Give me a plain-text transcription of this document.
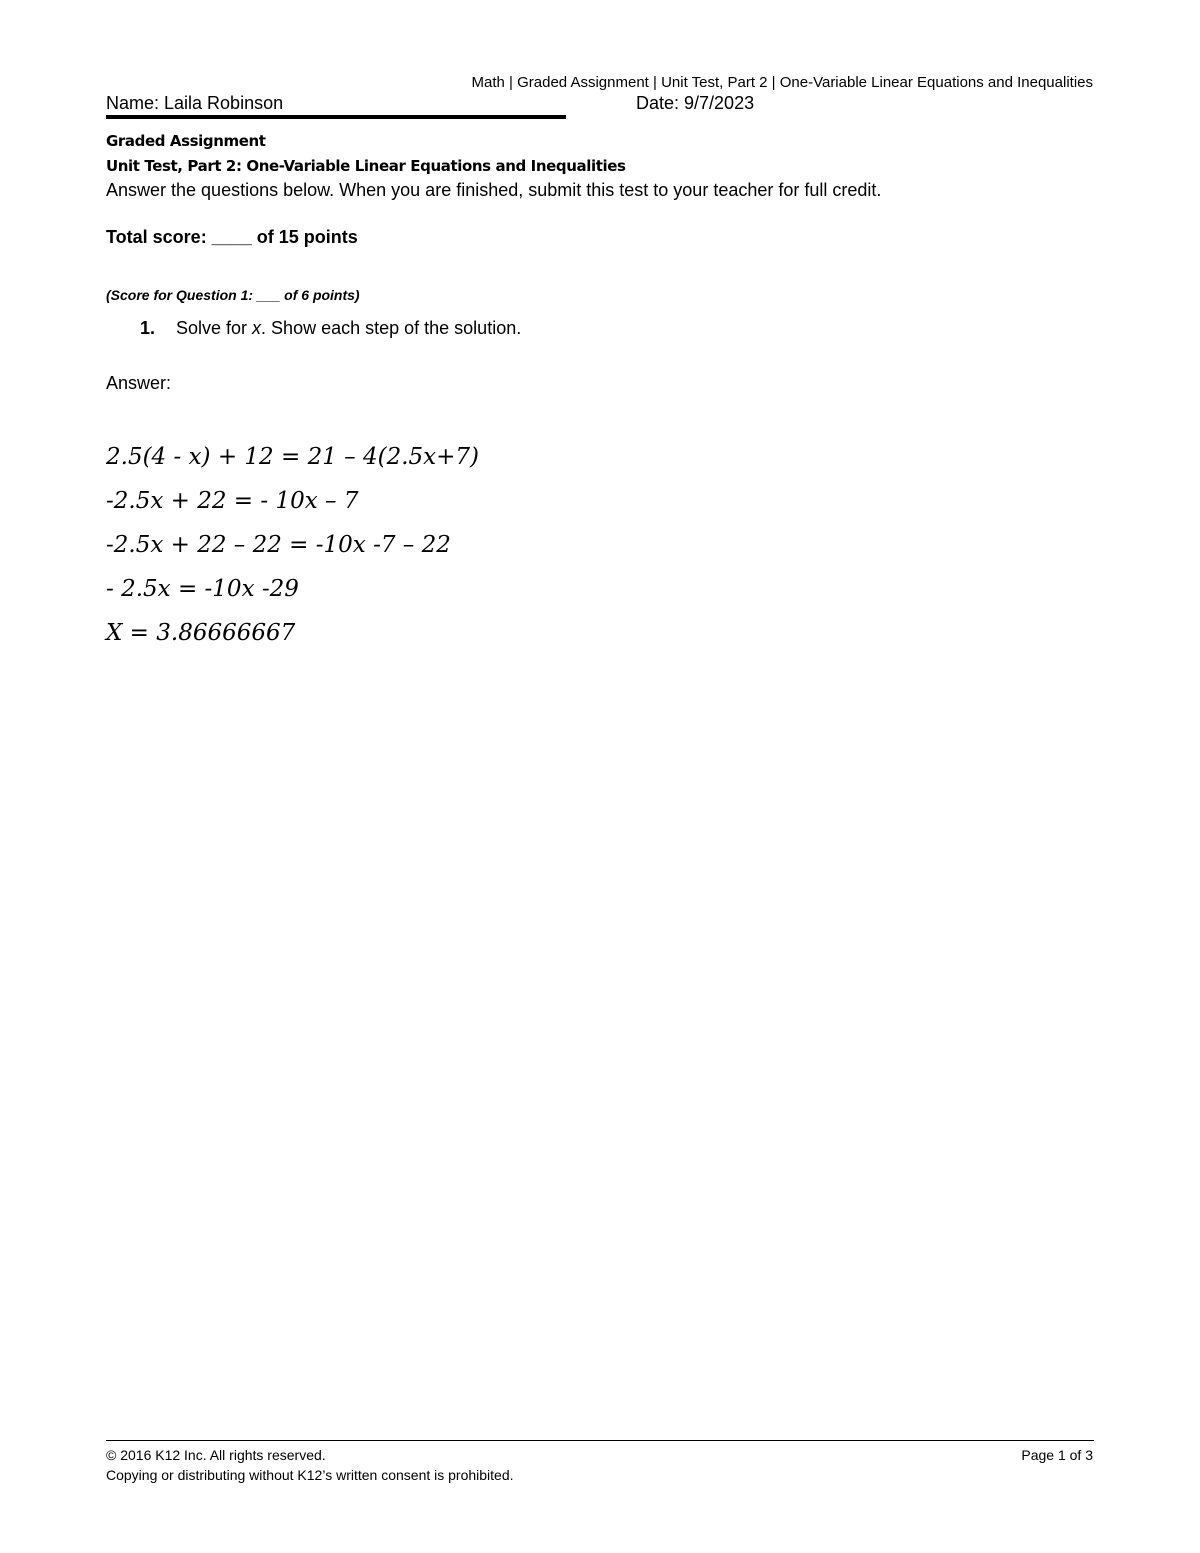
Math | Graded Assignment | Unit Test, Part 2 | One-Variable Linear Equations and Inequalities
Name: Laila Robinson	Date: 9/7/2023
Graded Assignment
Unit Test, Part 2: One-Variable Linear Equations and Inequalities
Answer the questions below. When you are finished, submit this test to your teacher for full credit.
Total score: ____ of 15 points
(Score for Question 1: ___ of 6 points)
1. Solve for x. Show each step of the solution.
Answer:
2.5(4 - x) + 12 = 21 – 4(2.5x+7)
-2.5x + 22 = - 10x – 7
-2.5x + 22 – 22 = -10x -7 – 22
- 2.5x = -10x -29
X = 3.86666667
© 2016 K12 Inc. All rights reserved.
Copying or distributing without K12’s written consent is prohibited.
Page 1 of 3
